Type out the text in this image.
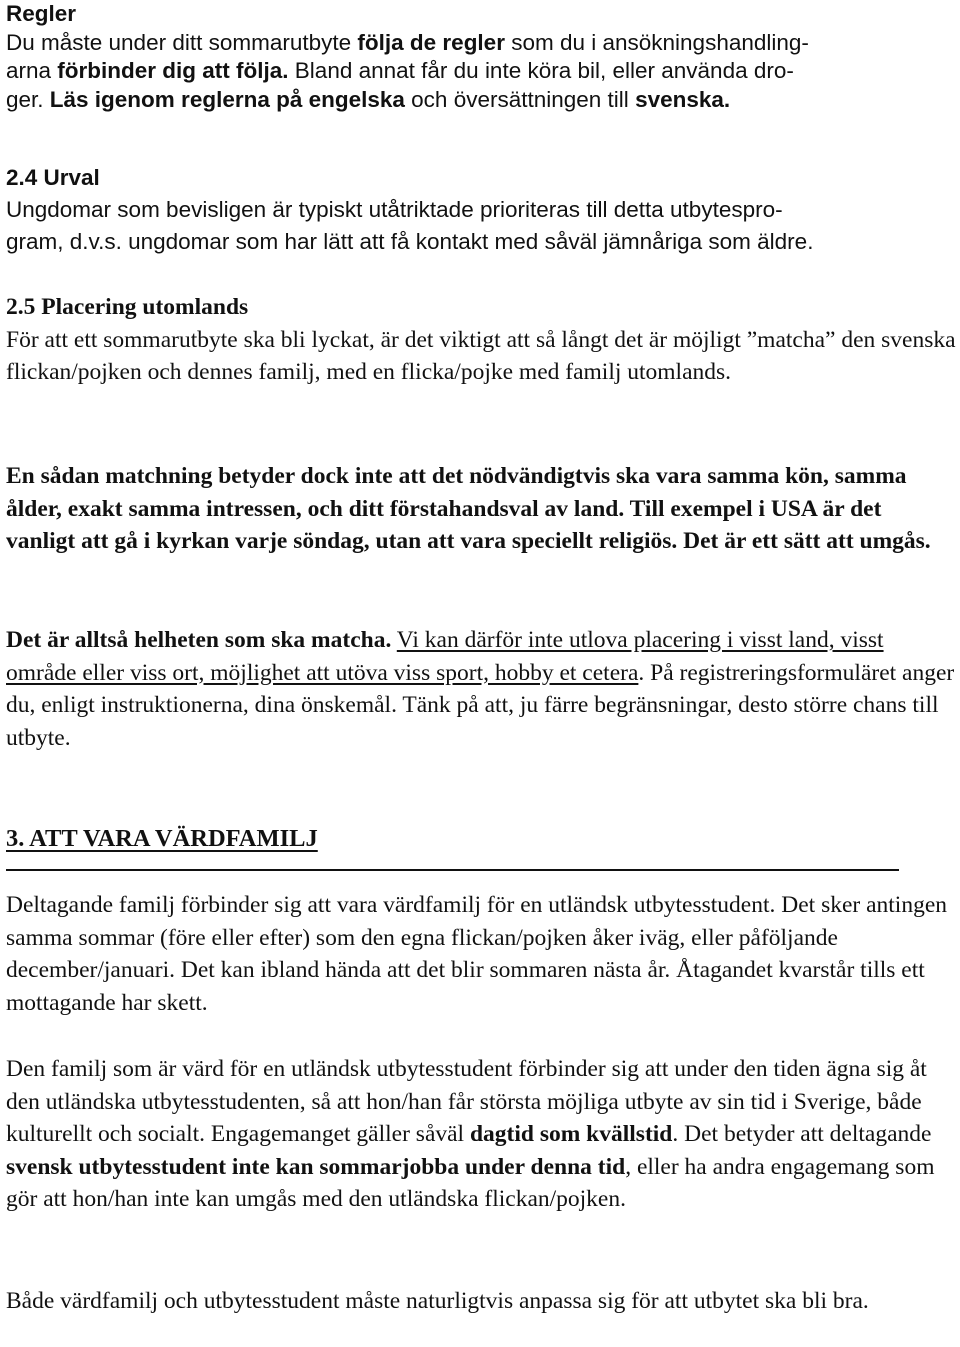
Regler
Du måste under ditt sommarutbyte följa de regler som du i ansökningshandling-
arna förbinder dig att följa. Bland annat får du inte köra bil, eller använda dro-
ger. Läs igenom reglerna på engelska och översättningen till svenska.
2.4 Urval
Ungdomar som bevisligen är typiskt utåtriktade prioriteras till detta utbytespro-
gram, d.v.s. ungdomar som har lätt att få kontakt med såväl jämnåriga som äldre.
2.5 Placering utomlands
För att ett sommarutbyte ska bli lyckat, är det viktigt att så långt det är möjligt ”matcha” den svenska flickan/pojken och dennes familj, med en flicka/pojke med familj utomlands.
En sådan matchning betyder dock inte att det nödvändigtvis ska vara samma kön, samma ålder, exakt samma intressen, och ditt förstahandsval av land. Till exempel i USA är det vanligt att gå i kyrkan varje söndag, utan att vara speciellt religiös. Det är ett sätt att umgås.
Det är alltså helheten som ska matcha. Vi kan därför inte utlova placering i visst land, visst område eller viss ort, möjlighet att utöva viss sport, hobby et cetera. På registreringsformuläret anger du, enligt instruktionerna, dina önskemål. Tänk på att, ju färre begränsningar, desto större chans till utbyte.
3. ATT VARA VÄRDFAMILJ
Deltagande familj förbinder sig att vara värdfamilj för en utländsk utbytesstudent. Det sker antingen samma sommar (före eller efter) som den egna flickan/pojken åker iväg, eller påföljande december/januari. Det kan ibland hända att det blir sommaren nästa år. Åtagandet kvarstår tills ett mottagande har skett.
Den familj som är värd för en utländsk utbytesstudent förbinder sig att under den tiden ägna sig åt den utländska utbytesstudenten, så att hon/han får största möjliga utbyte av sin tid i Sverige, både kulturellt och socialt. Engagemanget gäller såväl dagtid som kvällstid. Det betyder att deltagande svensk utbytesstudent inte kan sommarjobba under denna tid, eller ha andra engagemang som gör att hon/han inte kan umgås med den utländska flickan/pojken.
Både värdfamilj och utbytesstudent måste naturligtvis anpassa sig för att utbytet ska bli bra.
